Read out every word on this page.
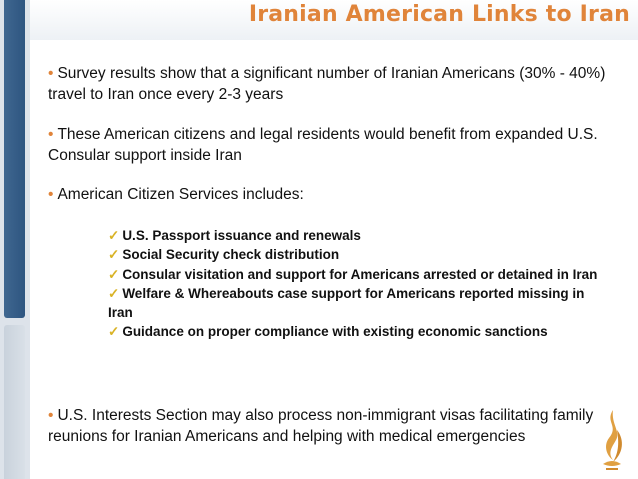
Iranian American Links to Iran
• Survey results show that a significant number of Iranian Americans (30% - 40%) travel to Iran once every 2-3 years
• These American citizens and legal residents would benefit from expanded U.S. Consular support inside Iran
• American Citizen Services includes:
✓ U.S. Passport issuance and renewals
✓ Social Security check distribution
✓ Consular visitation and support for Americans arrested or detained in Iran
✓ Welfare & Whereabouts case support for Americans reported missing in Iran
✓ Guidance on proper compliance with existing economic sanctions
• U.S. Interests Section may also process non-immigrant visas facilitating family reunions for Iranian Americans and helping with medical emergencies
